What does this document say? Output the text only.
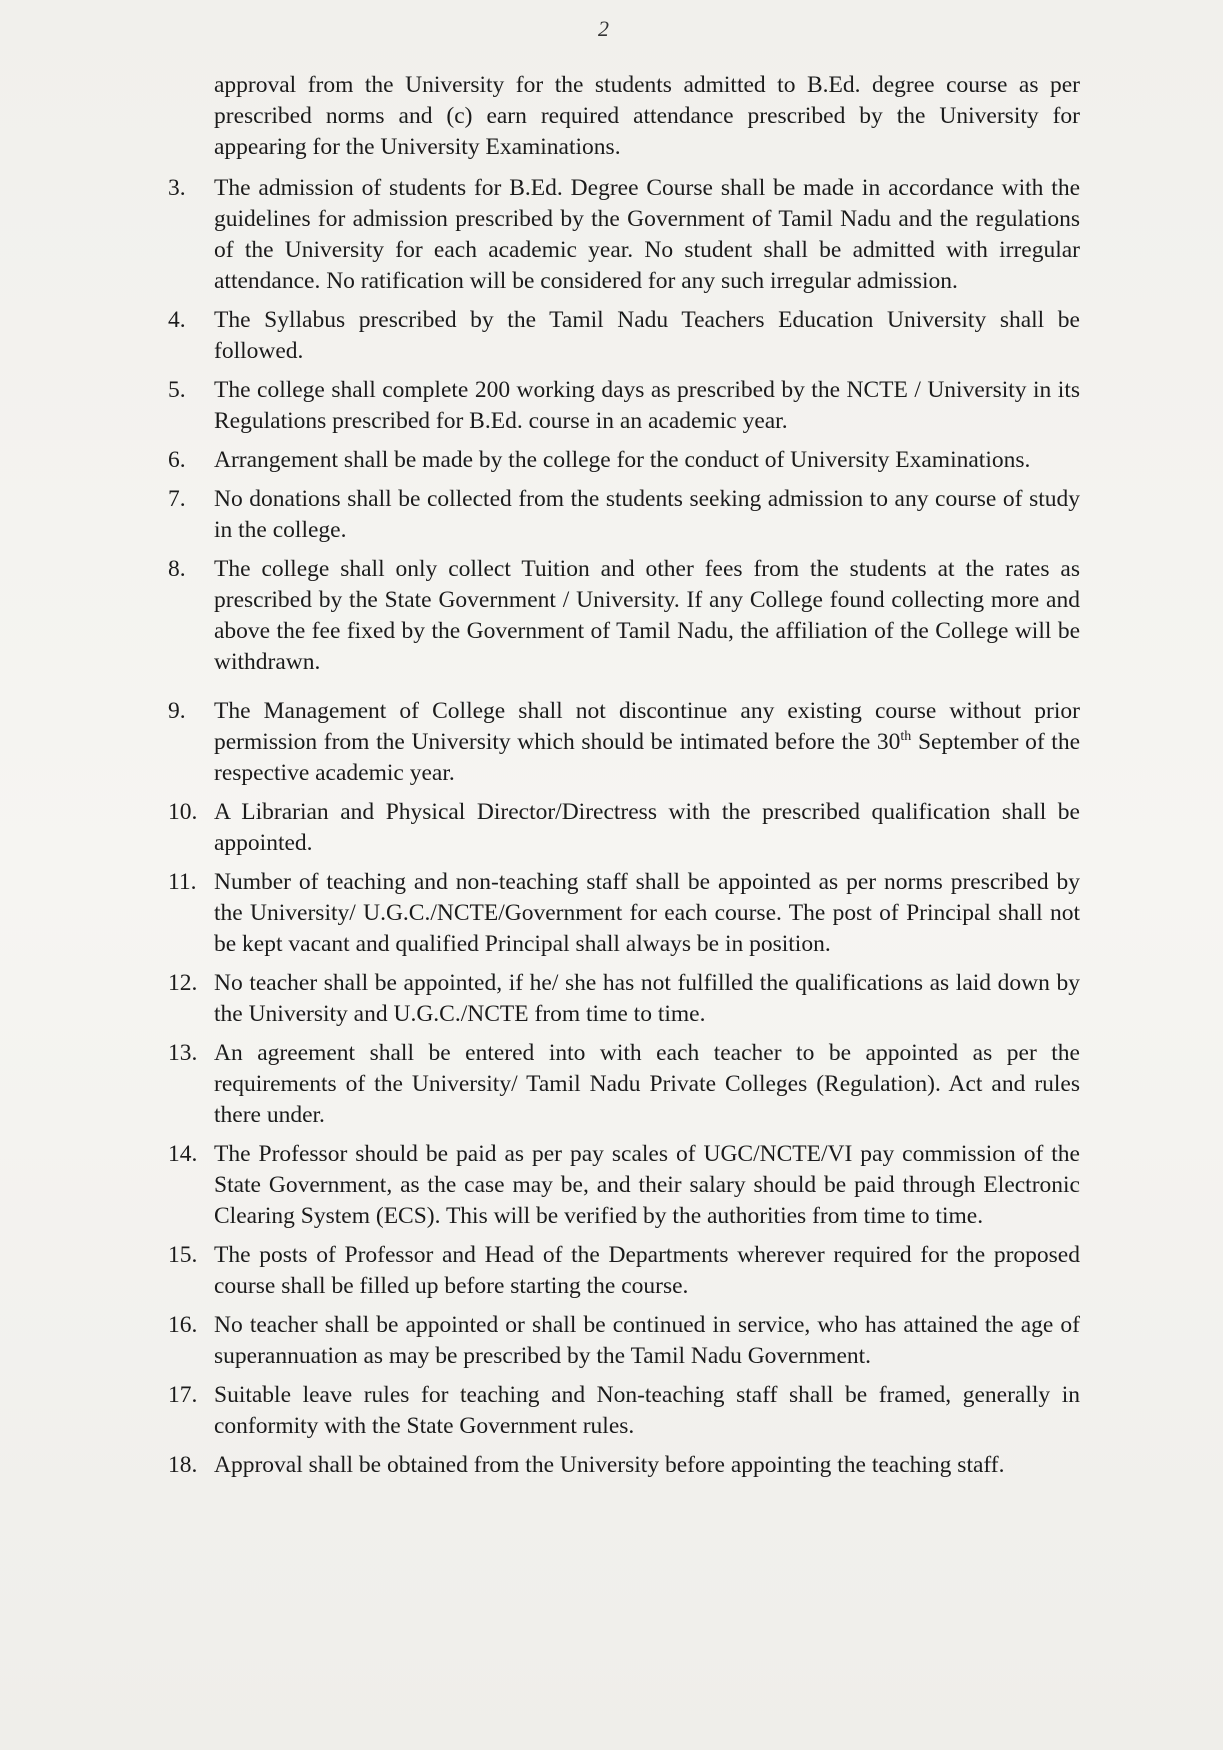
2

approval from the University for the students admitted to B.Ed. degree course as per prescribed norms and (c) earn required attendance prescribed by the University for appearing for the University Examinations.

3.	The admission of students for B.Ed. Degree Course shall be made in accordance with the guidelines for admission prescribed by the Government of Tamil Nadu and the regulations of the University for each academic year. No student shall be admitted with irregular attendance. No ratification will be considered for any such irregular admission.
4.	The Syllabus prescribed by the Tamil Nadu Teachers Education University shall be followed.
5.	The college shall complete 200 working days as prescribed by the NCTE / University in its Regulations prescribed for B.Ed. course in an academic year.
6.	Arrangement shall be made by the college for the conduct of University Examinations.
7.	No donations shall be collected from the students seeking admission to any course of study in the college.
8.	The college shall only collect Tuition and other fees from the students at the rates as prescribed by the State Government / University. If any College found collecting more and above the fee fixed by the Government of Tamil Nadu, the affiliation of the College will be withdrawn.
9.	The Management of College shall not discontinue any existing course without prior permission from the University which should be intimated before the 30th September of the respective academic year.
10. A Librarian and Physical Director/Directress with the prescribed qualification shall be appointed.
11. Number of teaching and non-teaching staff shall be appointed as per norms prescribed by the University/ U.G.C./NCTE/Government for each course. The post of Principal shall not be kept vacant and qualified Principal shall always be in position.
12. No teacher shall be appointed, if he/ she has not fulfilled the qualifications as laid down by the University and U.G.C./NCTE from time to time.
13. An agreement shall be entered into with each teacher to be appointed as per the requirements of the University/ Tamil Nadu Private Colleges (Regulation). Act and rules there under.
14. The Professor should be paid as per pay scales of UGC/NCTE/VI pay commission of the State Government, as the case may be, and their salary should be paid through Electronic Clearing System (ECS). This will be verified by the authorities from time to time.
15. The posts of Professor and Head of the Departments wherever required for the proposed course shall be filled up before starting the course.
16. No teacher shall be appointed or shall be continued in service, who has attained the age of superannuation as may be prescribed by the Tamil Nadu Government.
17. Suitable leave rules for teaching and Non-teaching staff shall be framed, generally in conformity with the State Government rules.
18. Approval shall be obtained from the University before appointing the teaching staff.
